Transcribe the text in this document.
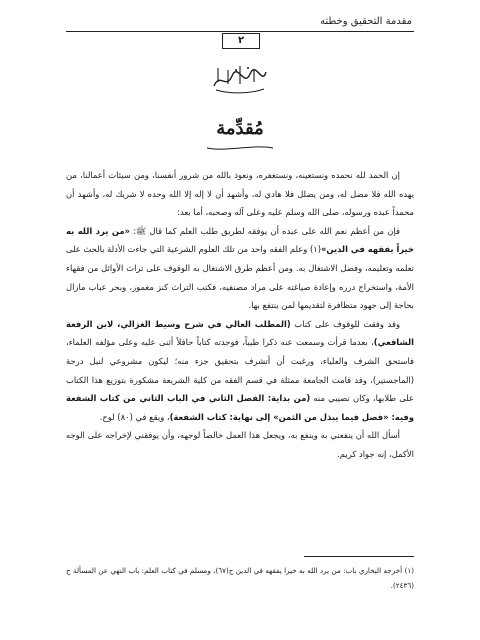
مقدمة التحقيق وخطته
٢
مُقدِّمة

إن الحمد لله نحمده ونستعينه، ونستغفره، ونعوذ بالله من شرور أنفسنا، ومن سيئات أعمالنا، من يهده الله فلا مضل له، ومن يضلل فلا هادي له، وأشهد أن لا إله إلا الله وحده لا شريك له، وأشهد أن محمداً عبده ورسوله، صلى الله وسلم عليه وعلى آله وصحبه، أما بعد:

فإن من أعظم نعم الله على عبده أن يوفقه لطريق طلب العلم كما قال ﷺ: «من يرد الله به خيراً يفقهه في الدين»(١) وعلم الفقه واحد من تلك العلوم الشرعية التي جاءت الأدلة بالحث على تعلمه وتعليمه، وفضل الاشتغال به. ومن أعظم طرق الاشتغال به الوقوف على تراث الأوائل من فقهاء الأمة، واستخراج درره وإعادة صياغته على مراد مصنفيه، فكتب التراث كنز مغمور، وبحر عباب مازال بحاجة إلى جهود متظافرة لتقديمها لمن ينتفع بها.

وقد وفقت للوقوف على كتاب (المطلب العالي في شرح وسيط الغزالي، لابن الرفعة الشافعي)، بعدما قرأت وسمعت عنه ذكرا طيباً، فوجدته كتاباً حافلاً أثنى عليه وعلى مؤلفه العلماء، فاستحق الشرف والعلياء، ورغبت أن أتشرف بتحقيق جزء منه؛ ليكون مشروعي لنيل درجة (الماجستير)، وقد قامت الجامعة ممثلة في قسم الفقه من كلية الشريعة مشكورة بتوزيع هذا الكتاب على طلابها، وكان نصيبي منه (من بداية: الفصل الثاني في الباب الثاني من كتاب الشفعة وفيه: «فصل فيما يبذل من الثمن» إلى نهاية: كتاب الشفعة)، ويقع في (٨٠) لوح.

أسأل الله أن ينفعني به وينفع به، ويجعل هذا العمل خالصاً لوجهه، وأن يوفقني لإخراجه على الوجه الأكمل، إنه جواد كريم.

(١) أخرجه البخاري باب: من يرد الله به خيرا يفقهه في الدين ح(٦٧)، ومسلم في كتاب العلم: باب النهي عن المسألة ح (٢٤٣٦).
